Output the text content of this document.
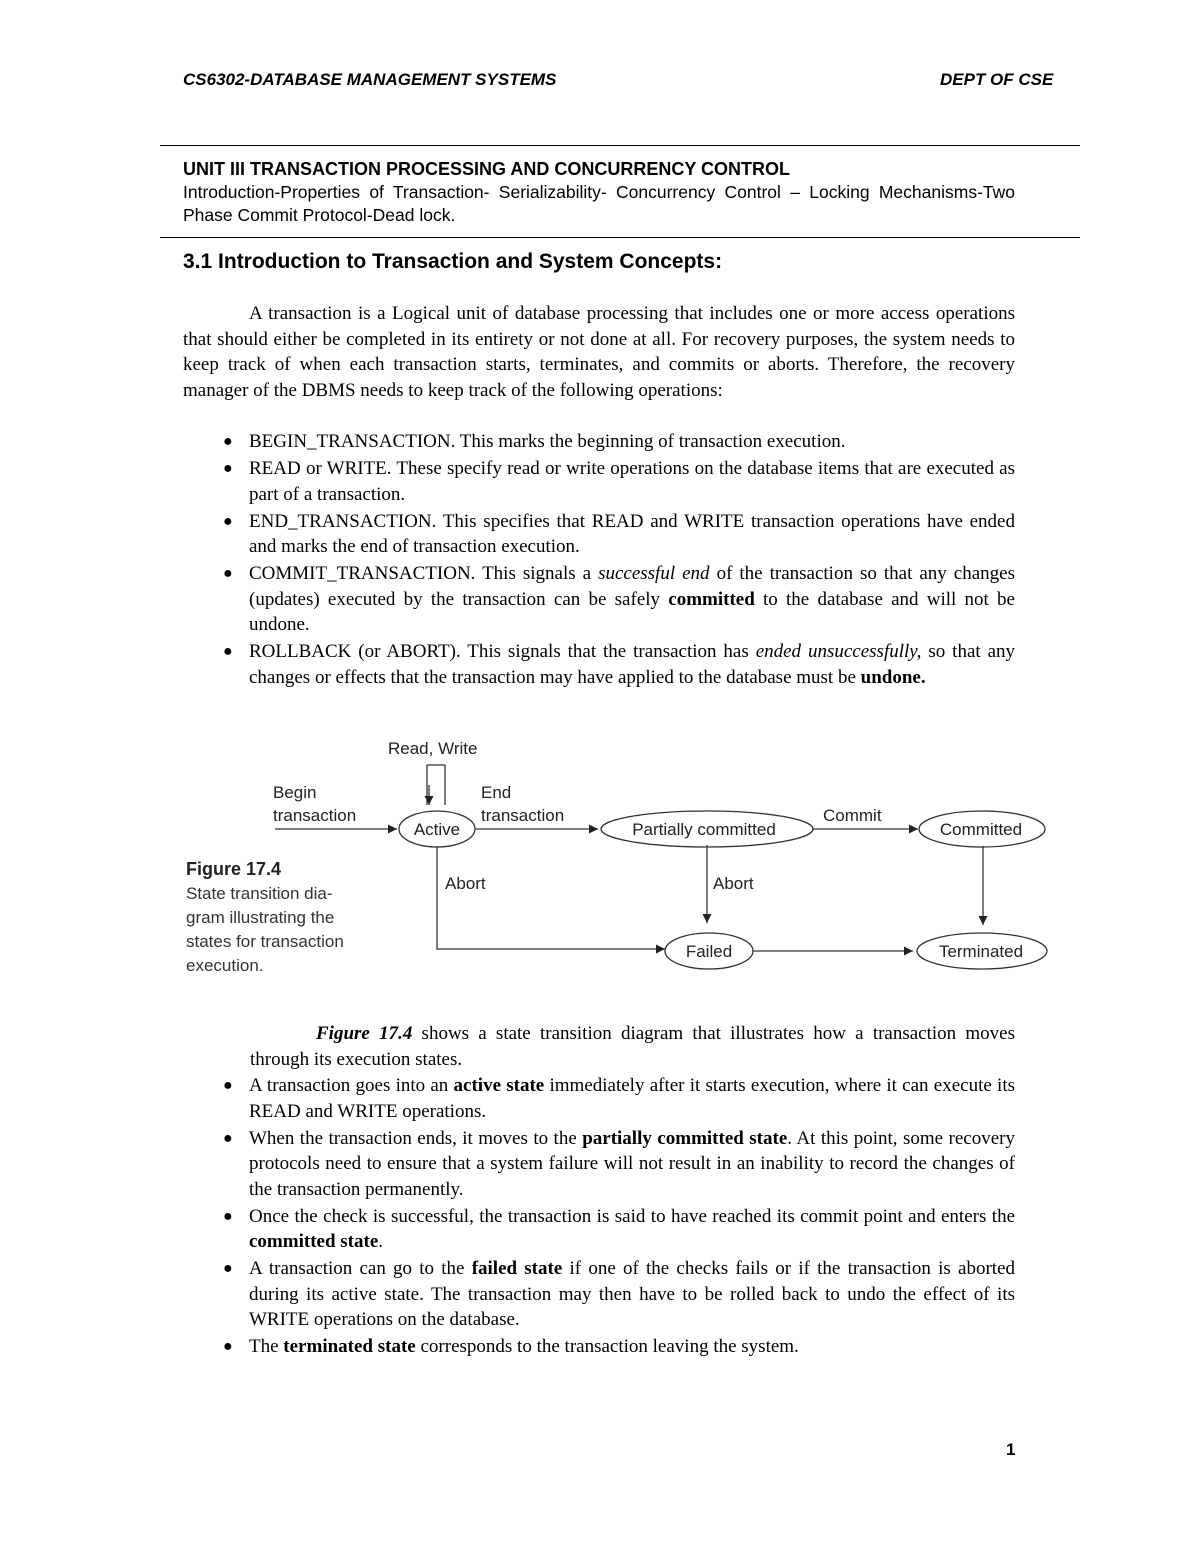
CS6302-DATABASE MANAGEMENT SYSTEMS	DEPT OF CSE
UNIT III TRANSACTION PROCESSING AND CONCURRENCY CONTROL
Introduction-Properties of Transaction- Serializability- Concurrency Control – Locking Mechanisms-Two Phase Commit Protocol-Dead lock.
3.1 Introduction to Transaction and System Concepts:

A transaction is a Logical unit of database processing that includes one or more access operations that should either be completed in its entirety or not done at all. For recovery purposes, the system needs to keep track of when each transaction starts, terminates, and commits or aborts. Therefore, the recovery manager of the DBMS needs to keep track of the following operations:

● BEGIN_TRANSACTION. This marks the beginning of transaction execution.
● READ or WRITE. These specify read or write operations on the database items that are executed as part of a transaction.
● END_TRANSACTION. This specifies that READ and WRITE transaction operations have ended and marks the end of transaction execution.
● COMMIT_TRANSACTION. This signals a successful end of the transaction so that any changes (updates) executed by the transaction can be safely committed to the database and will not be undone.
● ROLLBACK (or ABORT). This signals that the transaction has ended unsuccessfully, so that any changes or effects that the transaction may have applied to the database must be undone.
Active	Partially committed	Committed
Failed	Terminated
Read, Write
Begin
transaction
End
transaction	Commit
Abort	Abort
Figure 17.4
State transition dia-
gram illustrating the
states for transaction
execution.

Figure 17.4 shows a state transition diagram that illustrates how a transaction moves through its execution states.

● A transaction goes into an active state immediately after it starts execution, where it can execute its READ and WRITE operations.
● When the transaction ends, it moves to the partially committed state. At this point, some recovery protocols need to ensure that a system failure will not result in an inability to record the changes of the transaction permanently.
● Once the check is successful, the transaction is said to have reached its commit point and enters the committed state.
● A transaction can go to the failed state if one of the checks fails or if the transaction is aborted during its active state. The transaction may then have to be rolled back to undo the effect of its WRITE operations on the database.
● The terminated state corresponds to the transaction leaving the system.
1
